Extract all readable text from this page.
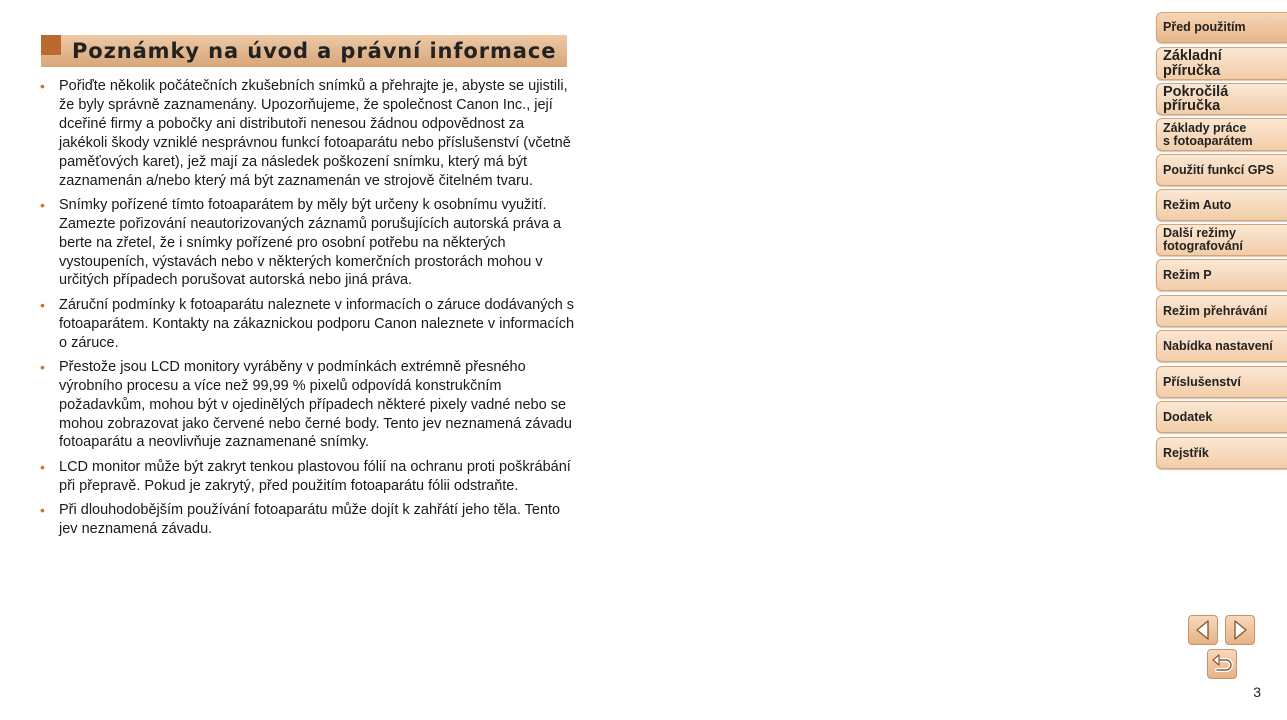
Poznámky na úvod a právní informace
• Pořiďte několik počátečních zkušebních snímků a přehrajte je, abyste se ujistili, že byly správně zaznamenány. Upozorňujeme, že společnost Canon Inc., její dceřiné firmy a pobočky ani distributoři nenesou žádnou odpovědnost za jakékoli škody vzniklé nesprávnou funkcí fotoaparátu nebo příslušenství (včetně paměťových karet), jež mají za následek poškození snímku, který má být zaznamenán a/nebo který má být zaznamenán ve strojově čitelném tvaru.
• Snímky pořízené tímto fotoaparátem by měly být určeny k osobnímu využití. Zamezte pořizování neautorizovaných záznamů porušujících autorská práva a berte na zřetel, že i snímky pořízené pro osobní potřebu na některých vystoupeních, výstavách nebo v některých komerčních prostorách mohou v určitých případech porušovat autorská nebo jiná práva.
• Záruční podmínky k fotoaparátu naleznete v informacích o záruce dodávaných s fotoaparátem. Kontakty na zákaznickou podporu Canon naleznete v informacích o záruce.
• Přestože jsou LCD monitory vyráběny v podmínkách extrémně přesného výrobního procesu a více než 99,99 % pixelů odpovídá konstrukčním požadavkům, mohou být v ojedinělých případech některé pixely vadné nebo se mohou zobrazovat jako červené nebo černé body. Tento jev neznamená závadu fotoaparátu a neovlivňuje zaznamenané snímky.
• LCD monitor může být zakryt tenkou plastovou fólií na ochranu proti poškrábání při přepravě. Pokud je zakrytý, před použitím fotoaparátu fólii odstraňte.
• Při dlouhodobějším používání fotoaparátu může dojít k zahřátí jeho těla. Tento jev neznamená závadu.
Před použitím
Základní
příručka
Pokročilá
příručka
Základy práce
s fotoaparátem
Použití funkcí GPS
Režim Auto
Další režimy
fotografování
Režim P
Režim přehrávání
Nabídka nastavení
Příslušenství
Dodatek
Rejstřík
3
